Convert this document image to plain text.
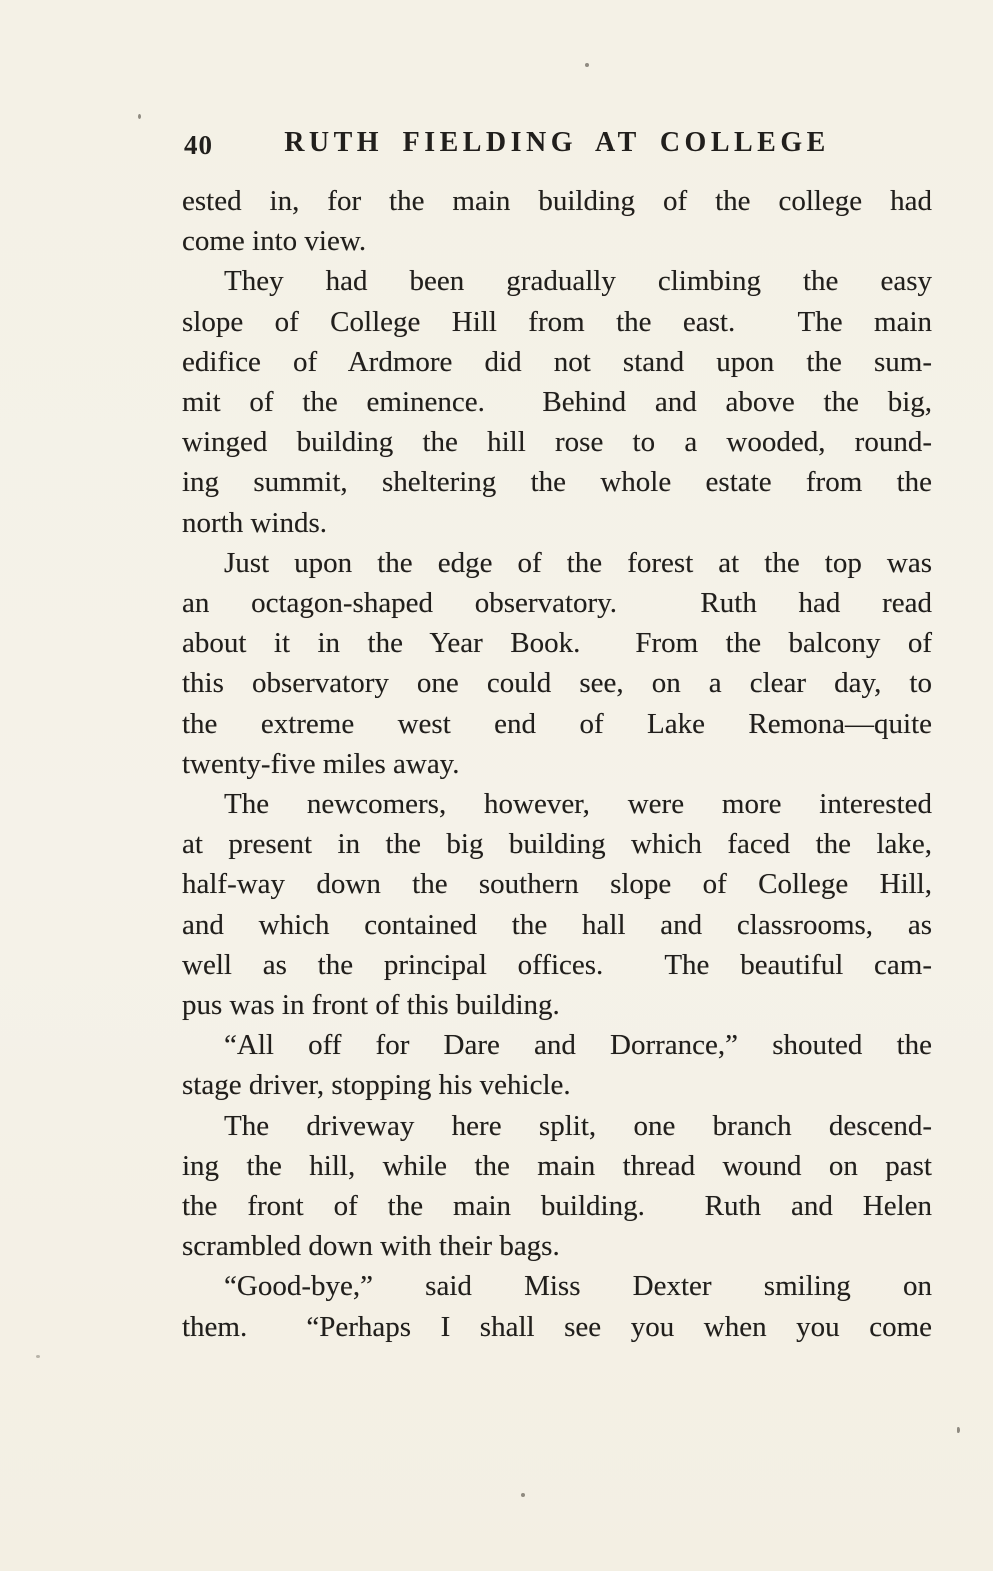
40	RUTH FIELDING AT COLLEGE
ested in, for the main building of the college had
come into view.
They had been gradually climbing the easy
slope of College Hill from the east.  The main
edifice of Ardmore did not stand upon the sum-
mit of the eminence.  Behind and above the big,
winged building the hill rose to a wooded, round-
ing summit, sheltering the whole estate from the
north winds.
Just upon the edge of the forest at the top was
an octagon-shaped observatory.  Ruth had read
about it in the Year Book.  From the balcony of
this observatory one could see, on a clear day, to
the extreme west end of Lake Remona—quite
twenty-five miles away.
The newcomers, however, were more interested
at present in the big building which faced the lake,
half-way down the southern slope of College Hill,
and which contained the hall and classrooms, as
well as the principal offices.  The beautiful cam-
pus was in front of this building.
“All off for Dare and Dorrance,” shouted the
stage driver, stopping his vehicle.
The driveway here split, one branch descend-
ing the hill, while the main thread wound on past
the front of the main building.  Ruth and Helen
scrambled down with their bags.
“Good-bye,” said Miss Dexter smiling on
them.  “Perhaps I shall see you when you come
